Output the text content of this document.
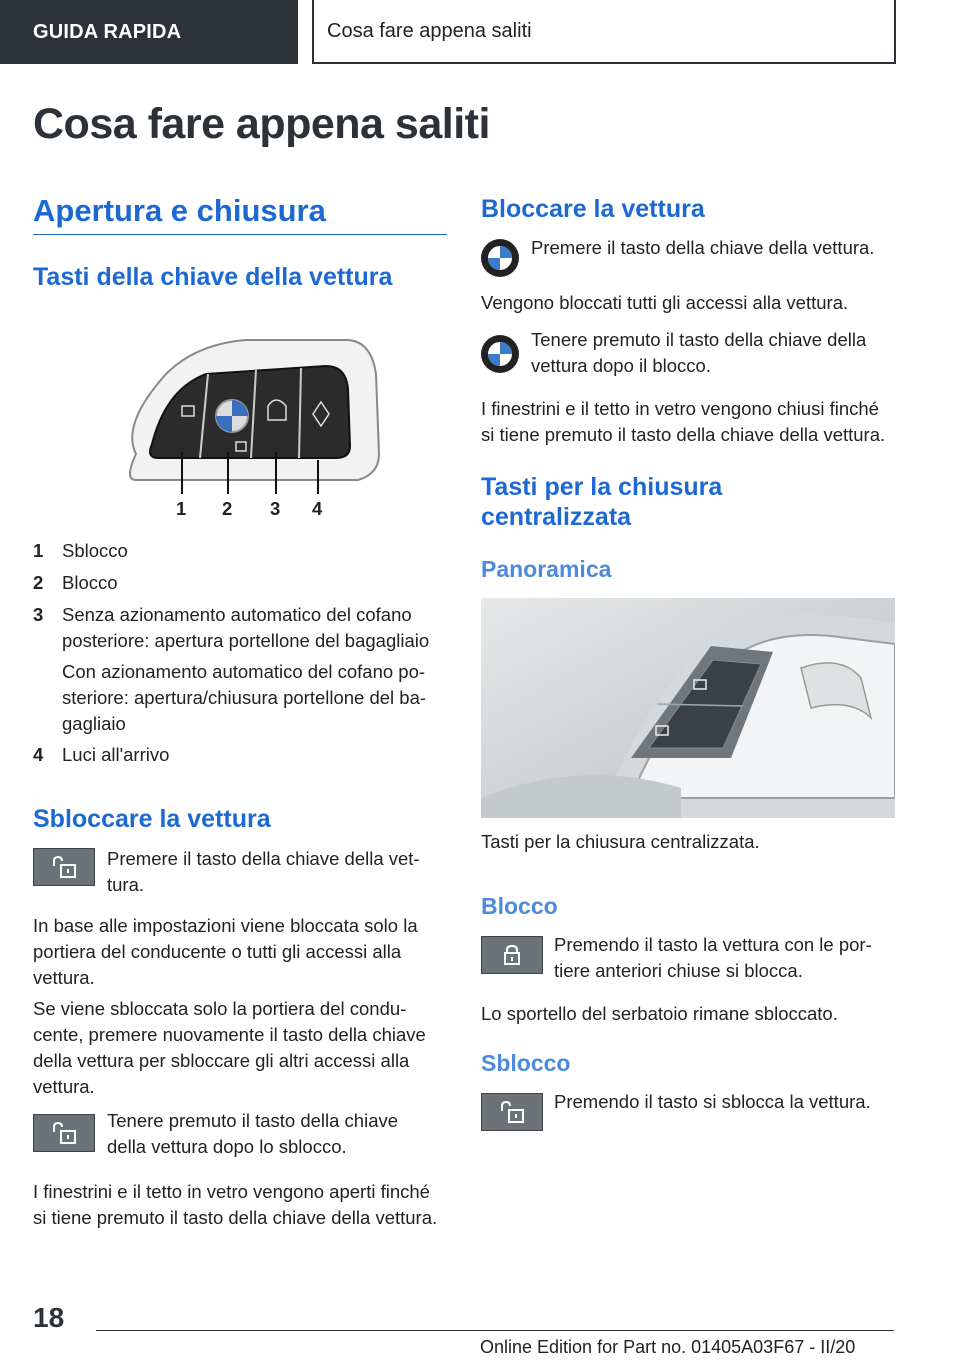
GUIDA RAPIDA	Cosa fare appena saliti
Cosa fare appena saliti
Apertura e chiusura
Tasti della chiave della vettura
1 2 3 4
1 Sblocco

2 Blocco

3 Senza azionamento automatico del cofano

posteriore: apertura portellone del bagagliaio

Con azionamento automatico del cofano po-

steriore: apertura/chiusura portellone del ba-

gagliaio

4 Luci all'arrivo

Sbloccare la vettura

Premere il tasto della chiave della vet-

tura.

In base alle impostazioni viene bloccata solo la

portiera del conducente o tutti gli accessi alla

vettura.

Se viene sbloccata solo la portiera del condu-

cente, premere nuovamente il tasto della chiave

della vettura per sbloccare gli altri accessi alla

vettura.

Tenere premuto il tasto della chiave

della vettura dopo lo sblocco.

I finestrini e il tetto in vetro vengono aperti finché

si tiene premuto il tasto della chiave della vettura.

Bloccare la vettura

Premere il tasto della chiave della vettura.

Vengono bloccati tutti gli accessi alla vettura.

Tenere premuto il tasto della chiave della

vettura dopo il blocco.

I finestrini e il tetto in vetro vengono chiusi finché

si tiene premuto il tasto della chiave della vettura.

Tasti per la chiusura
centralizzata
Panoramica

Tasti per la chiusura centralizzata.

Blocco

Premendo il tasto la vettura con le por-

tiere anteriori chiuse si blocca.

Lo sportello del serbatoio rimane sbloccato.

Sblocco

Premendo il tasto si sblocca la vettura.

18
Online Edition for Part no. 01405A03F67 - II/20
